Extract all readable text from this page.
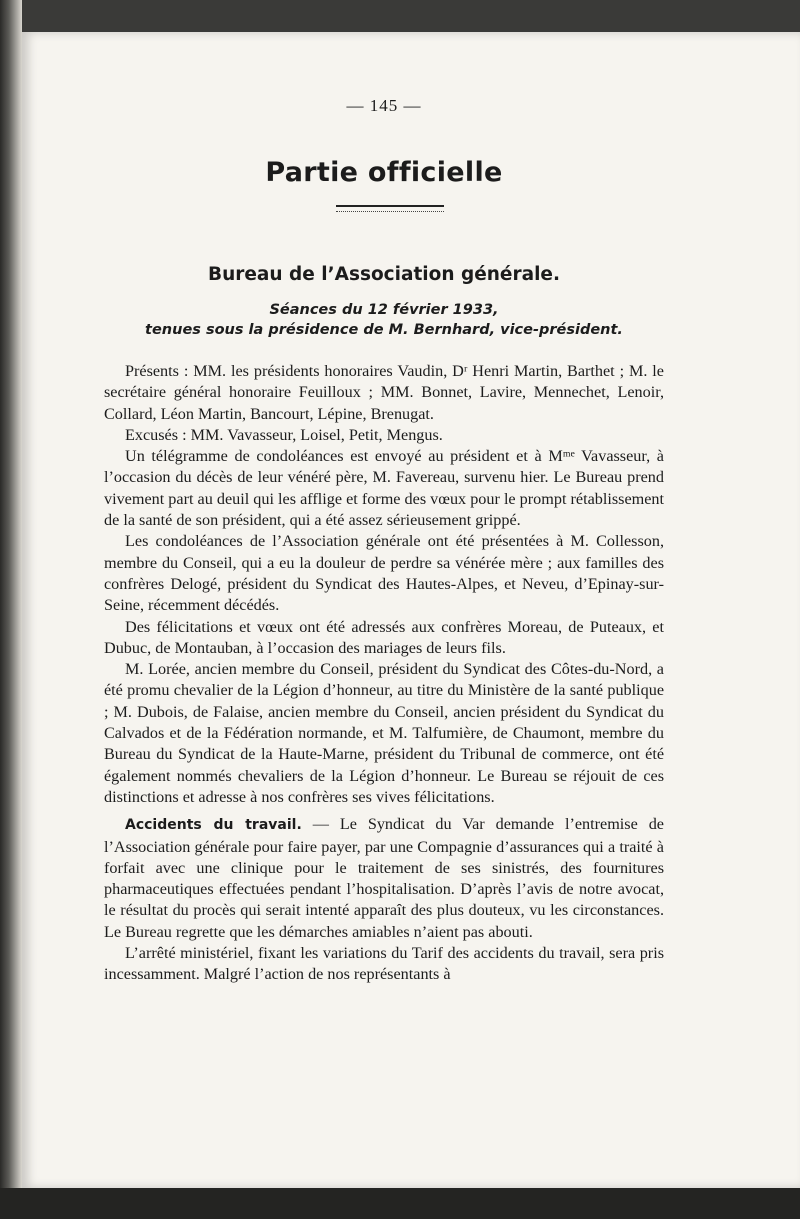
— 145 —
Partie officielle
Bureau de l’Association générale.
Séances du 12 février 1933,
tenues sous la présidence de M. Bernhard, vice-président.

Présents : MM. les présidents honoraires Vaudin, Dʳ Henri Martin, Barthet ; M. le secrétaire général honoraire Feuilloux ; MM. Bonnet, Lavire, Mennechet, Lenoir, Collard, Léon Martin, Bancourt, Lépine, Brenugat.

Excusés : MM. Vavasseur, Loisel, Petit, Mengus.

Un télégramme de condoléances est envoyé au président et à Mᵐᵉ Vavasseur, à l’occasion du décès de leur vénéré père, M. Favereau, survenu hier. Le Bureau prend vivement part au deuil qui les afflige et forme des vœux pour le prompt rétablissement de la santé de son président, qui a été assez sérieusement grippé.

Les condoléances de l’Association générale ont été présentées à M. Collesson, membre du Conseil, qui a eu la douleur de perdre sa vénérée mère ; aux familles des confrères Delogé, président du Syndicat des Hautes-Alpes, et Neveu, d’Epinay-sur-Seine, récemment décédés.

Des félicitations et vœux ont été adressés aux confrères Moreau, de Puteaux, et Dubuc, de Montauban, à l’occasion des mariages de leurs fils.

M. Lorée, ancien membre du Conseil, président du Syndicat des Côtes-du-Nord, a été promu chevalier de la Légion d’honneur, au titre du Ministère de la santé publique ; M. Dubois, de Falaise, ancien membre du Conseil, ancien président du Syndicat du Calvados et de la Fédération normande, et M. Talfumière, de Chaumont, membre du Bureau du Syndicat de la Haute-Marne, président du Tribunal de commerce, ont été également nommés chevaliers de la Légion d’honneur. Le Bureau se réjouit de ces distinctions et adresse à nos confrères ses vives félicitations.

Accidents du travail. — Le Syndicat du Var demande l’entremise de l’Association générale pour faire payer, par une Compagnie d’assurances qui a traité à forfait avec une clinique pour le traitement de ses sinistrés, des fournitures pharmaceutiques effectuées pendant l’hospitalisation. D’après l’avis de notre avocat, le résultat du procès qui serait intenté apparaît des plus douteux, vu les circonstances. Le Bureau regrette que les démarches amiables n’aient pas abouti.

L’arrêté ministériel, fixant les variations du Tarif des accidents du travail, sera pris incessamment. Malgré l’action de nos représentants à
